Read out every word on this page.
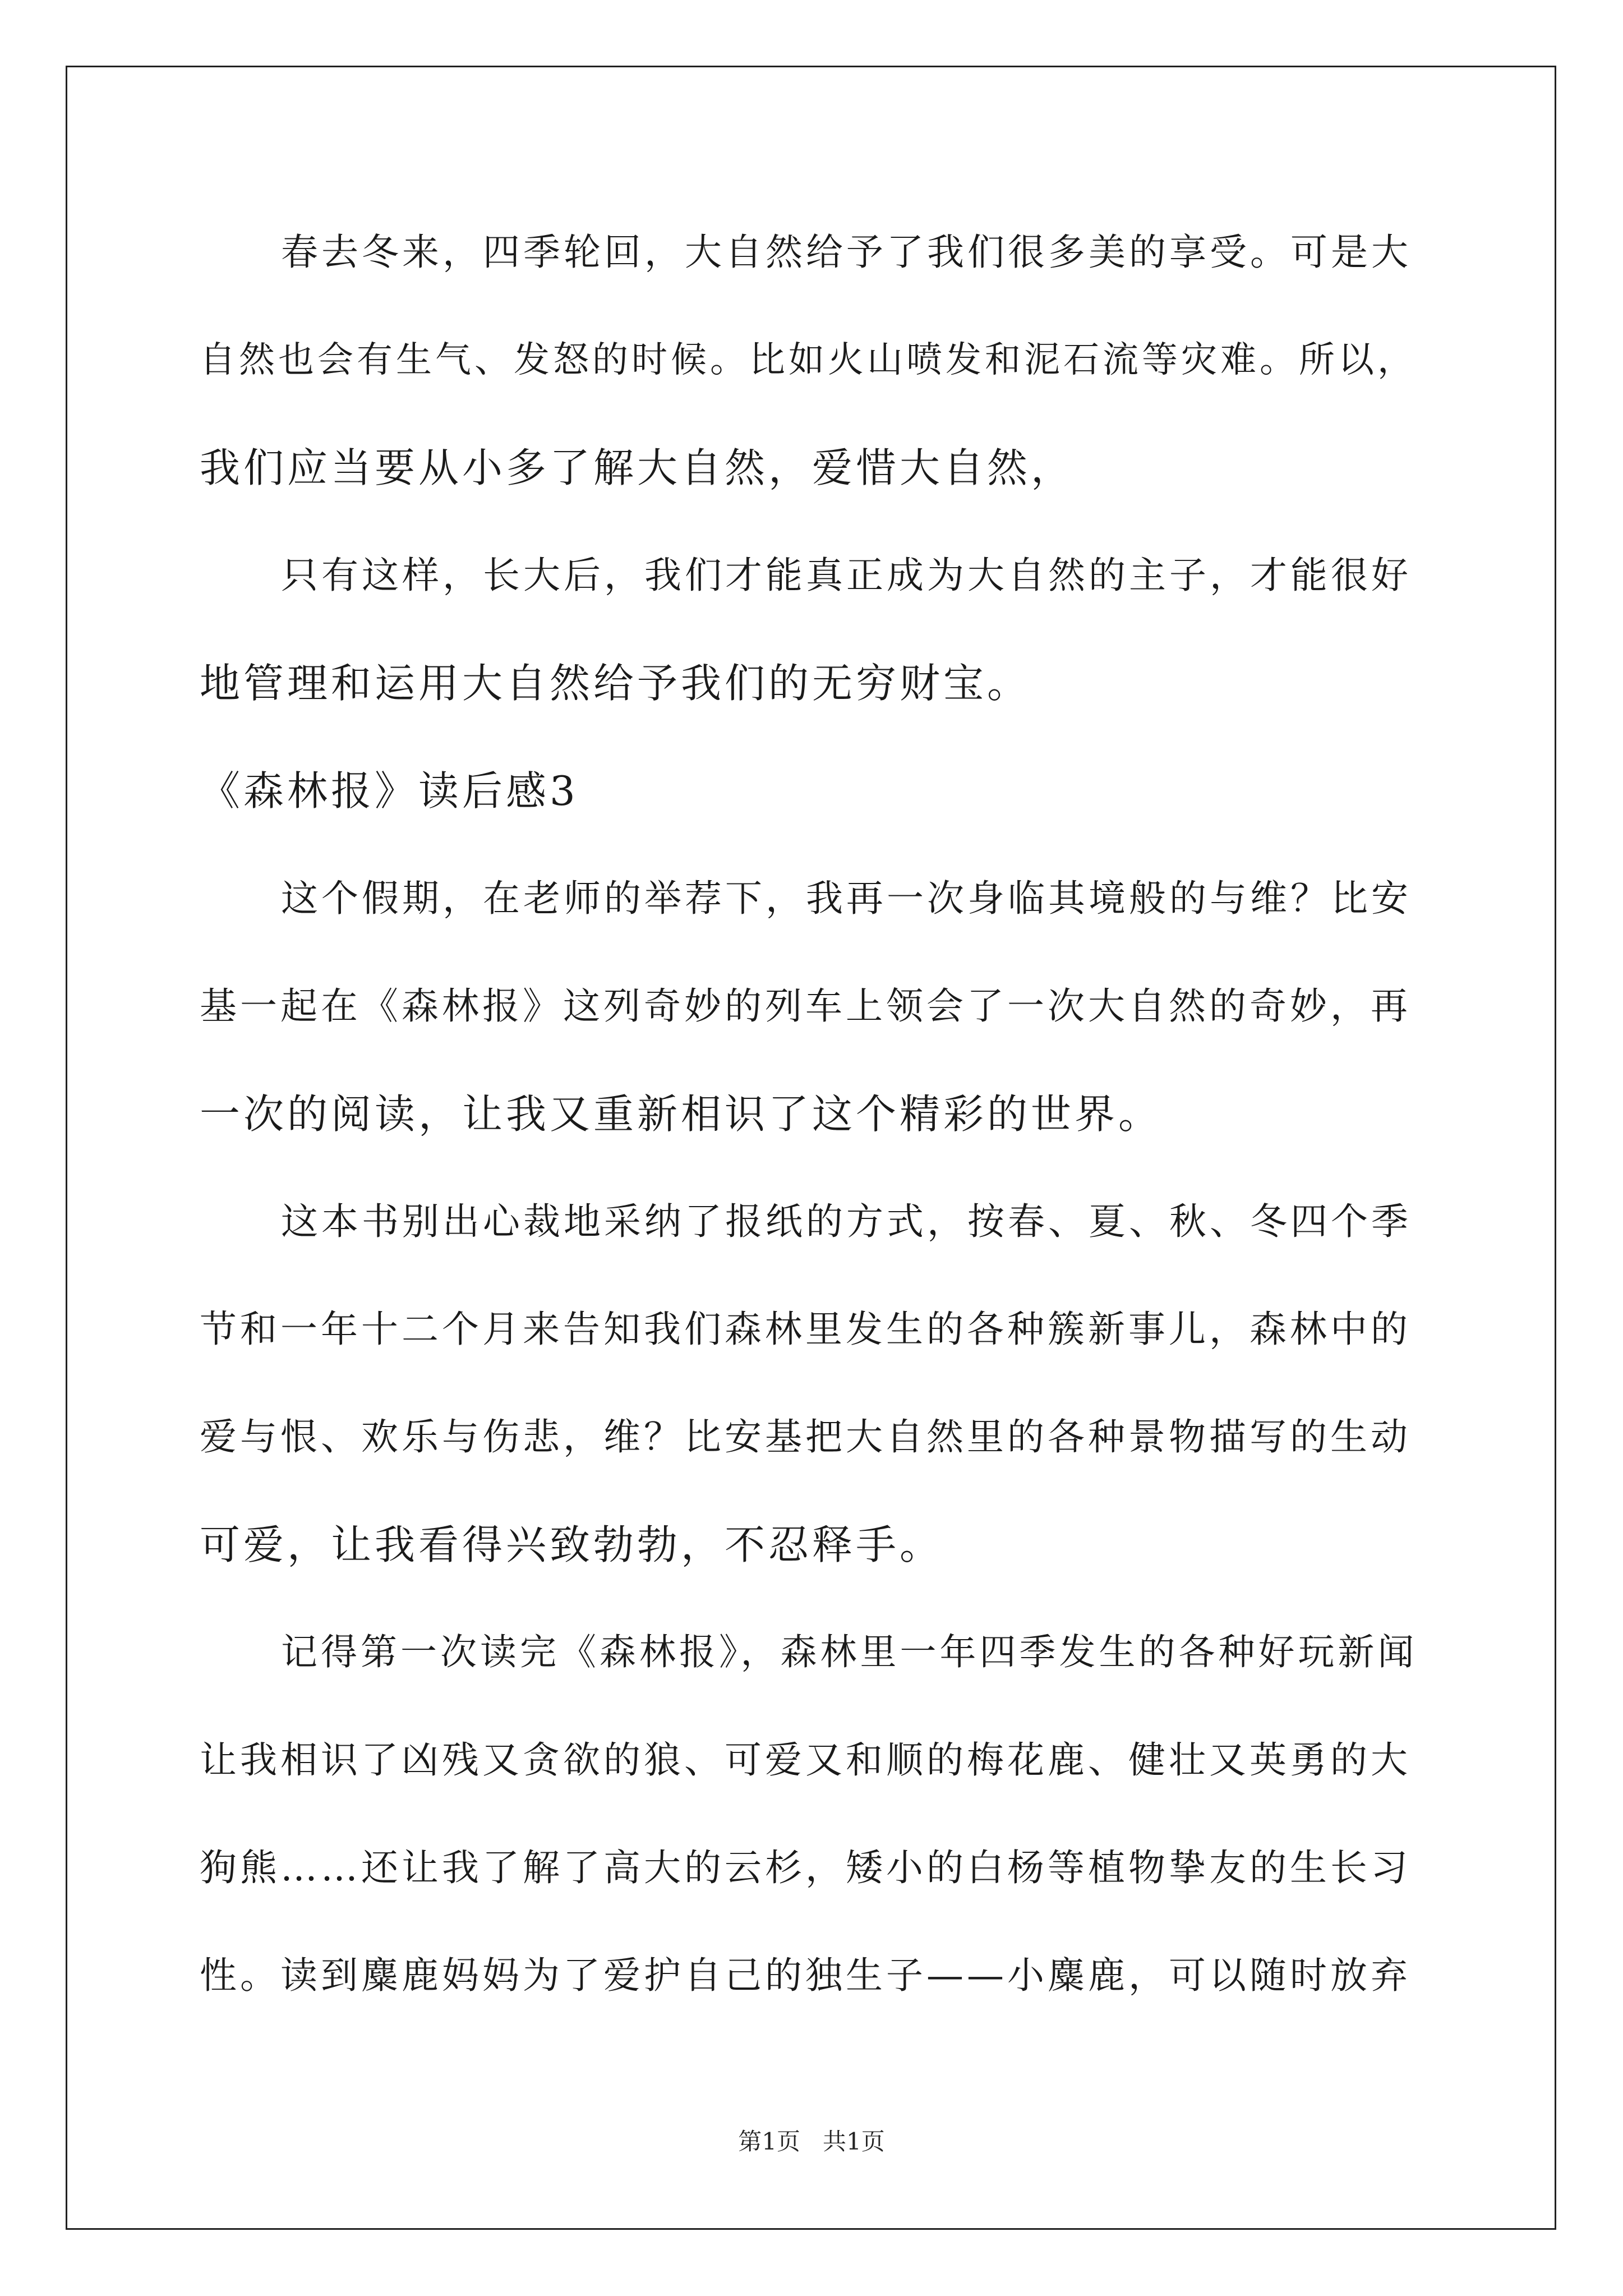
春去冬来，四季轮回，大自然给予了我们很多美的享受。可是大
自然也会有生气、发怒的时候。比如火山喷发和泥石流等灾难。所以，
我们应当要从小多了解大自然，爱惜大自然，
只有这样，长大后，我们才能真正成为大自然的主子，才能很好
地管理和运用大自然给予我们的无穷财宝。
《森林报》读后感3
这个假期，在老师的举荐下，我再一次身临其境般的与维？比安
基一起在《森林报》这列奇妙的列车上领会了一次大自然的奇妙，再
一次的阅读，让我又重新相识了这个精彩的世界。
这本书别出心裁地采纳了报纸的方式，按春、夏、秋、冬四个季
节和一年十二个月来告知我们森林里发生的各种簇新事儿，森林中的
爱与恨、欢乐与伤悲，维？比安基把大自然里的各种景物描写的生动
可爱，让我看得兴致勃勃，不忍释手。
记得第一次读完《森林报》，森林里一年四季发生的各种好玩新闻
让我相识了凶残又贪欲的狼、可爱又和顺的梅花鹿、健壮又英勇的大
狗熊……还让我了解了高大的云杉，矮小的白杨等植物挚友的生长习
性。读到麋鹿妈妈为了爱护自己的独生子——小麋鹿，可以随时放弃
第1页 共1页
